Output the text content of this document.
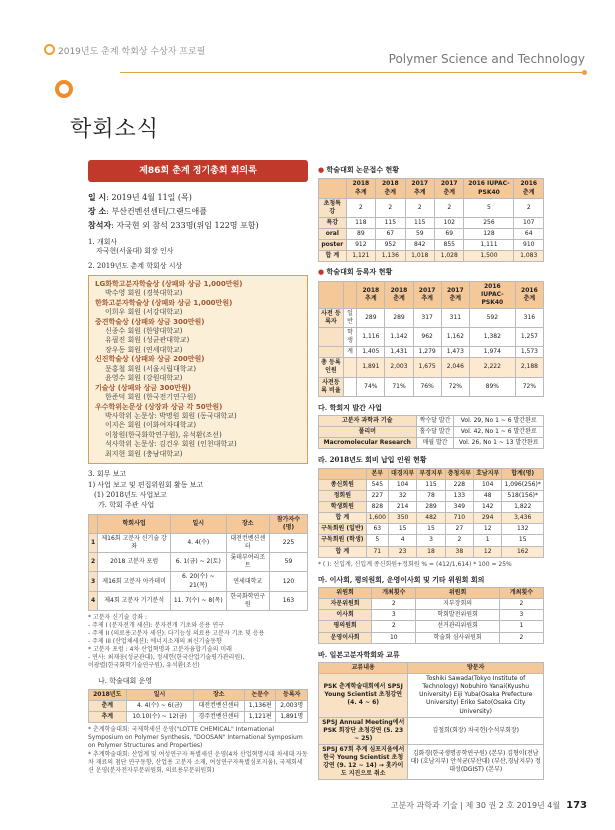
2019년도 춘계 학회상 수상자 프로필	Polymer Science and Technology
학회소식
제86회 춘계 정기총회 회의록
일 시: 2019년 4월 11일 (목)
장 소: 부산컨벤션센터/그랜드애플
참석자: 자국현 외 참석 233명(위임 122명 포함)
1. 개회사
자국현(서울대) 회장 인사
2. 2019년도 춘계 학회상 시상
LG화학고분자학술상 (상패와 상금 1,000만원)
박수영 회원 (경북대학교)
한화고분자학술상 (상패와 상금 1,000만원)
이희우 회원 (서강대학교)
중견학술상 (상패와 상금 300만원)
신종수 회원 (한양대학교)
유필진 회원 (성균관대학교)
장우동 회원 (연세대학교)
신진학술상 (상패와 상금 200만원)
문홍철 회원 (서울시립대학교)
윤영수 회원 (강원대학교)
기술상 (상패와 상금 300만원)
한준덕 회원 (한국전기연구원)
우수학위논문상 (상장과 상금 각 50만원)
박사학위 논문상: 박명원 회원 (동국대학교)
이지은 회원 (이화여자대학교)
이창원(한국화학연구원), 유석환(조선)
석사학위 논문상: 김건우 회원 (인천대학교)
최지현 회원 (충남대학교)
3. 회무 보고
1) 사업 보고 및 편집위원회 활동 보고
(1) 2018년도 사업보고
가. 학회 주관 사업
	학회사업	일시	장소	참가자수(명)
1	제16회 고분자 신기술 강좌	4. 4(수)	대전컨벤션센터	225
2	2018 고분자 포럼	6. 1(금) ~ 2(토)	롯데부여리조트	59
3	제16회 고분자 아카데미	6. 20(수) ~ 21(목)	연세대학교	120
4	제4회 고분자 기기분석	11. 7(수) ~ 8(목)	한국화학연구원	163
* 고분자 신기술 강좌 :
- 주제 I (분자전개 세션): 분자전개 기초와 응용 연구
- 주제 II (의료용고분자 세션): 다기능성 의료용 고분자 기초 및 응용
- 주제 III (산업체세션): 에너지소재의 최신기술동향
* 고분자 포럼 : 4차 산업혁명과 고분자융합기술의 미래
- 연사: 최재웅(성균관대), 정세헌(한국산업기술평가관리원),
이광렬(한국화학기술연구원), 유석환(조선)
나. 학술대회 운영
2018년도	일시	장소	논문수	등록자
춘계	4. 4(수) ~ 6(금)	대전컨벤션센터	1,136편	2,003명
추계	10.10(수) ~ 12(금)	경주컨벤션센터	1,121편	1,891명
* 춘계학술대회: 국제학세션 운영("LOTTE CHEMICAL" International Symposium on Polymer Synthesis, "DOOSAN" International Symposium on Polymer Structures and Properties)
* 추계학술대회: 산업계 및 여성연구자 특별세션 운영(4차 산업혁명시대 차세대 자동차 재료의 첨단 연구동향, 산업용 고분자 소재, 여성연구자특별심포지움), 국제회세션 운영(분자전자부문위원회, 의료용부문위원회)
● 학술대회 논문접수 현황
	2018 추계	2018 춘계	2017 추계	2017 춘계	2016 IUPAC-PSK40	2016 춘계
초청특강	2	2	2	2	5	2
특강	118	115	115	102	256	107
oral	89	67	59	69	128	64
poster	912	952	842	855	1,111	910
합 계	1,121	1,136	1,018	1,028	1,500	1,083
● 학술대회 등록자 현황
		2018 추계	2018 춘계	2017 추계	2017 춘계	2016 IUPAC-PSK40	2016 춘계
사전 등록자	일반	289	289	317	311	592	316
	학생	1,116	1,142	962	1,162	1,382	1,257
	계	1,405	1,431	1,279	1,473	1,974	1,573
총 등록인원		1,891	2,003	1,675	2,046	2,222	2,188
사전등록 비율		74%	71%	76%	72%	89%	72%
다. 학회지 발간 사업
고분자 과학과 기술	짝수달 발간	Vol. 29, No 1 ~ 6 발간완료
폴리머	홀수달 발간	Vol. 42, No 1 ~ 6 발간완료
Macromolecular Research	매월 발간	Vol. 26, No 1 ~ 13 발간완료
라. 2018년도 회비 납입 인원 현황
	본부	대경지부	부경지부	충청지부	호남지부	합계(명)
종신회원	545	104	115	228	104	1,096(256)*
정회원	227	32	78	133	48	518(156)*
학생회원	828	214	289	349	142	1,822
합 계	1,600	350	482	710	294	3,436
구독회원 (일반)	63	15	15	27	12	132
구독회원 (학생)	5	4	3	2	1	15
합 계	71	23	18	38	12	162
* ( ): 신입계, 신입계 종신회원+정회원 % = (412/1,614) * 100 = 25%
마. 이사회, 평의원회, 운영이사회 및 기타 위원회 회의
위원회	개최횟수	위원회	개최횟수
자문위원회	2	지부장회의	2
이사회	3	학회발전위원회	3
평의원회	2	선거관리위원회	1
운영이사회	10	학술회 심사위원회	2
바. 일본고분자학회와 교류
교류내용	방문자
PSK 춘계학술대회에서 SPSJ Young Scientist 초청강연 (4. 4 ~ 6)	Toshiki Sawada(Tokyo Institute of Technology) Nobuhiro Yanai(Kyushu University) Eiji Yuba(Osaka Prefecture University) Eriko Sato(Osaka City University)
SPSJ Annual Meeting에서 PSK 회장단 초청강연 (5. 23 ~ 25)	김철희(회장) 차국헌(수석부회장)
SPSJ 67회 추계 심포지움에서 한국 Young Scientist 초청강연 (9. 12 ~ 14) → 홋카이도 지진으로 취소	김화경(한국생명공학연구원) (본부) 김형이(전남대) (호남지부) 안석균(부산대) (부산,경남지부) 정대성(DGIST) (본부)
고분자 과학과 기술 | 제 30 권 2 호 2019년 4월 173
